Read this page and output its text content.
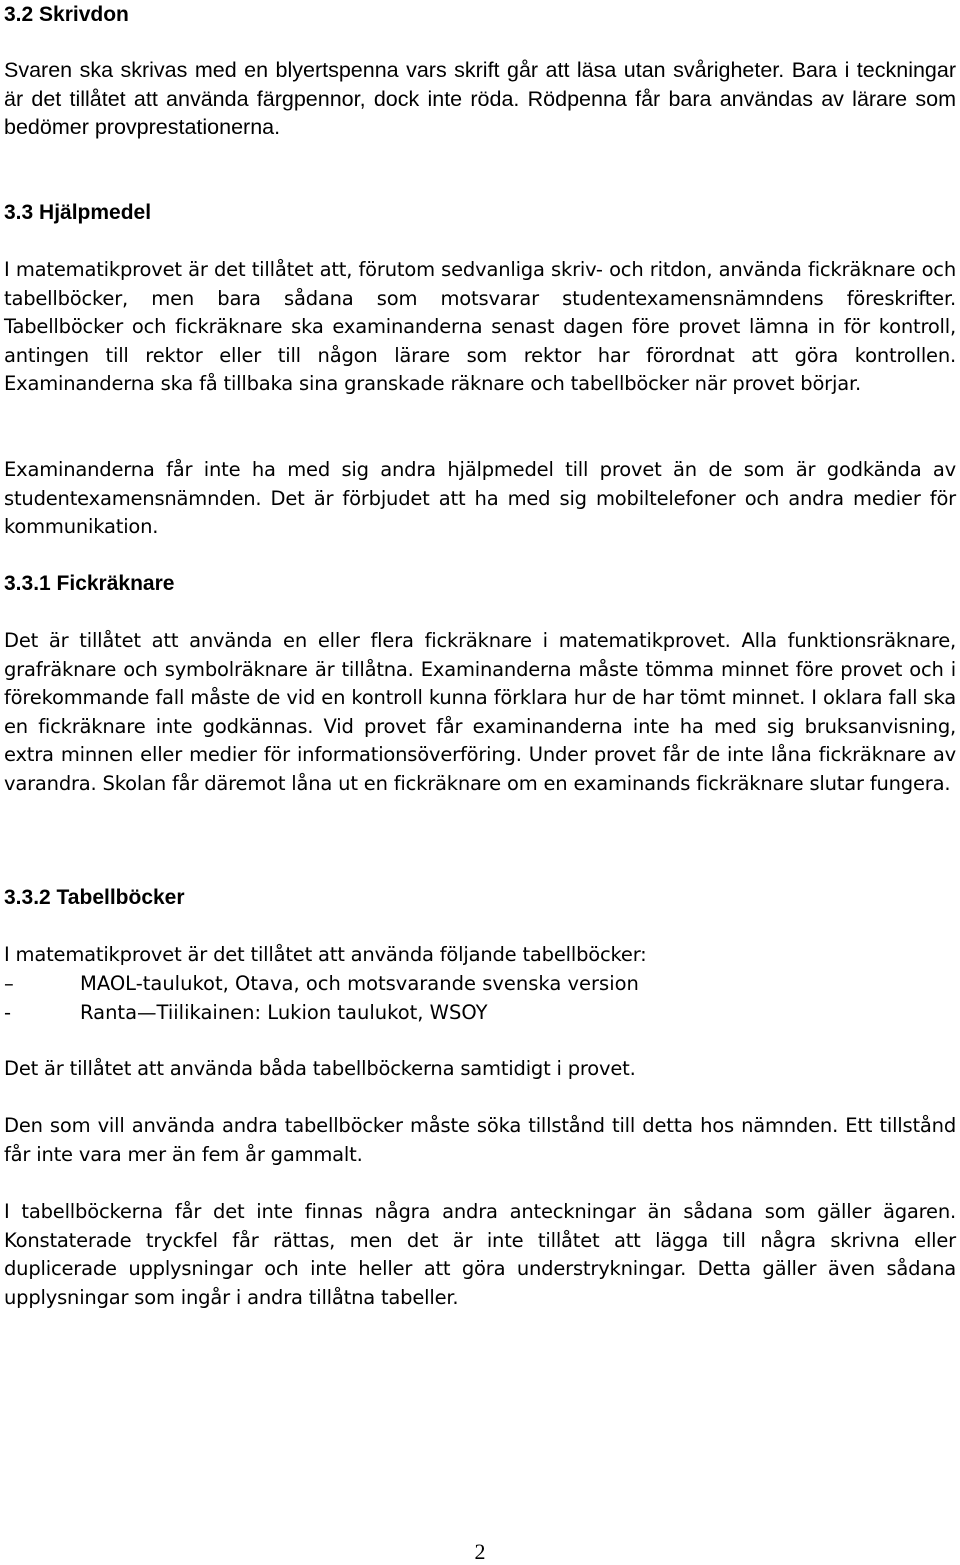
3.2 Skrivdon

Svaren ska skrivas med en blyertspenna vars skrift går att läsa utan svårigheter. Bara i teckningar är det tillåtet att använda färgpennor, dock inte röda. Rödpenna får bara användas av lärare som bedömer provprestationerna.

3.3 Hjälpmedel

I matematikprovet är det tillåtet att, förutom sedvanliga skriv- och ritdon, använda fickräknare och tabellböcker, men bara sådana som motsvarar studentexamensnämndens föreskrifter. Tabellböcker och fickräknare ska examinanderna senast dagen före provet lämna in för kontroll, antingen till rektor eller till någon lärare som rektor har förordnat att göra kontrollen. Examinanderna ska få tillbaka sina granskade räknare och tabellböcker när provet börjar.

Examinanderna får inte ha med sig andra hjälpmedel till provet än de som är godkända av studentexamensnämnden. Det är förbjudet att ha med sig mobiltelefoner och andra medier för kommunikation.

3.3.1 Fickräknare

Det är tillåtet att använda en eller flera fickräknare i matematikprovet. Alla funktionsräknare, grafräknare och symbolräknare är tillåtna. Examinanderna måste tömma minnet före provet och i förekommande fall måste de vid en kontroll kunna förklara hur de har tömt minnet. I oklara fall ska en fickräknare inte godkännas. Vid provet får examinanderna inte ha med sig bruksanvisning, extra minnen eller medier för informationsöverföring. Under provet får de inte låna fickräknare av varandra. Skolan får däremot låna ut en fickräknare om en examinands fickräknare slutar fungera.

3.3.2 Tabellböcker

I matematikprovet är det tillåtet att använda följande tabellböcker:

–	MAOL-taulukot, Otava, och motsvarande svenska version
-	Ranta—Tiilikainen: Lukion taulukot, WSOY

Det är tillåtet att använda båda tabellböckerna samtidigt i provet.

Den som vill använda andra tabellböcker måste söka tillstånd till detta hos nämnden. Ett tillstånd får inte vara mer än fem år gammalt.

I tabellböckerna får det inte finnas några andra anteckningar än sådana som gäller ägaren. Konstaterade tryckfel får rättas, men det är inte tillåtet att lägga till några skrivna eller duplicerade upplysningar och inte heller att göra understrykningar. Detta gäller även sådana upplysningar som ingår i andra tillåtna tabeller.

2
